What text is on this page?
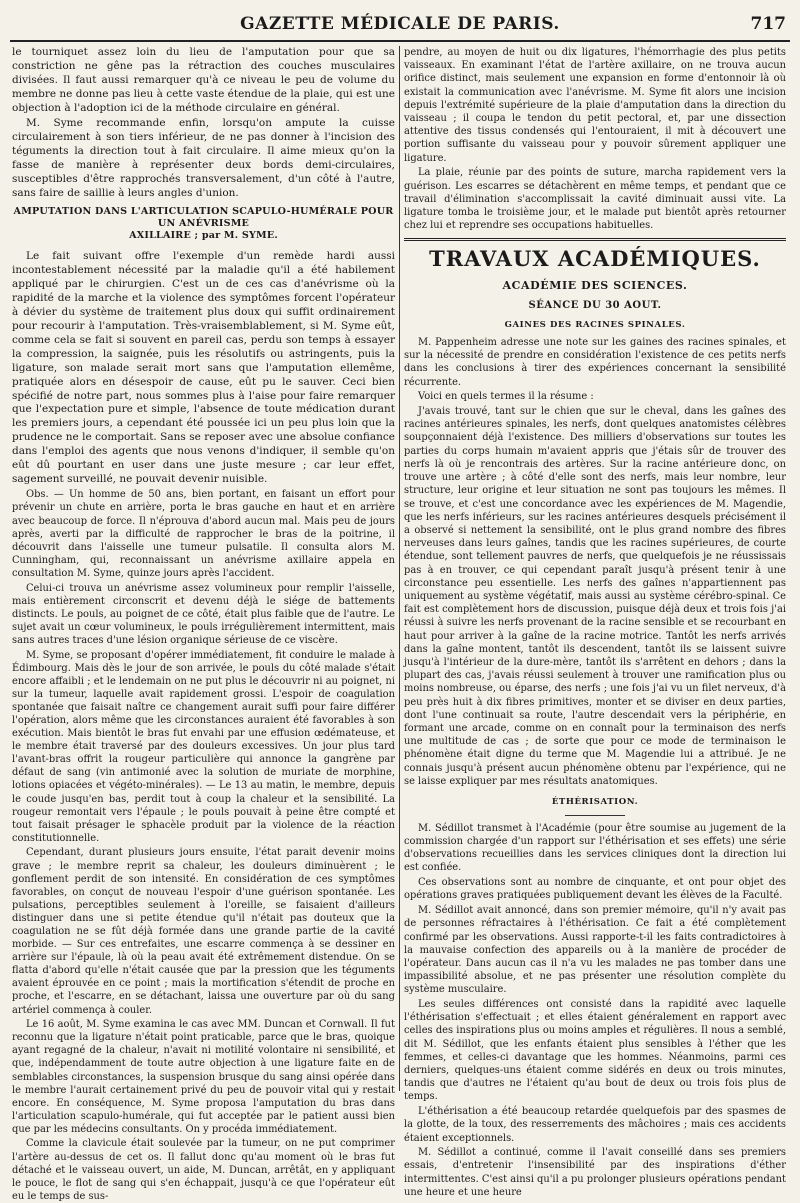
GAZETTE MÉDICALE DE PARIS.	717

le tourniquet assez loin du lieu de l'amputation pour que sa constriction ne gêne pas la rétraction des couches musculaires divisées. Il faut aussi remarquer qu'à ce niveau le peu de volume du membre ne donne pas lieu à cette vaste étendue de la plaie, qui est une objection à l'adoption ici de la méthode circulaire en général.

M. Syme recommande enfin, lorsqu'on ampute la cuisse circulairement à son tiers inférieur, de ne pas donner à l'incision des téguments la direction tout à fait circulaire. Il aime mieux qu'on la fasse de manière à représenter deux bords demi-circulaires, susceptibles d'être rapprochés transversalement, d'un côté à l'autre, sans faire de saillie à leurs angles d'union.

AMPUTATION DANS L'ARTICULATION SCAPULO-HUMÉRALE POUR UN ANÉVRISME
AXILLAIRE ; par M. SYME.

Le fait suivant offre l'exemple d'un remède hardi aussi incontestablement nécessité par la maladie qu'il a été habilement appliqué par le chirurgien. C'est un de ces cas d'anévrisme où la rapidité de la marche et la violence des symptômes forcent l'opérateur à dévier du système de traitement plus doux qui suffit ordinairement pour recourir à l'amputation. Très-vraisemblablement, si M. Syme eût, comme cela se fait si souvent en pareil cas, perdu son temps à essayer la compression, la saignée, puis les résolutifs ou astringents, puis la ligature, son malade serait mort sans que l'amputation ellemême, pratiquée alors en désespoir de cause, eût pu le sauver. Ceci bien spécifié de notre part, nous sommes plus à l'aise pour faire remarquer que l'expectation pure et simple, l'absence de toute médication durant les premiers jours, a cependant été poussée ici un peu plus loin que la prudence ne le comportait. Sans se reposer avec une absolue confiance dans l'emploi des agents que nous venons d'indiquer, il semble qu'on eût dû pourtant en user dans une juste mesure ; car leur effet, sagement surveillé, ne pouvait devenir nuisible.

Obs. — Un homme de 50 ans, bien portant, en faisant un effort pour prévenir un chute en arrière, porta le bras gauche en haut et en arrière avec beaucoup de force. Il n'éprouva d'abord aucun mal. Mais peu de jours après, averti par la difficulté de rapprocher le bras de la poitrine, il découvrit dans l'aisselle une tumeur pulsatile. Il consulta alors M. Cunningham, qui, reconnaissant un anévrisme axillaire appela en consultation M. Syme, quinze jours après l'accident.

Celui-ci trouva un anévrisme assez volumineux pour remplir l'aisselle, mais entièrement circonscrit et devenu déjà le siége de battements distincts. Le pouls, au poignet de ce côté, était plus faible que de l'autre. Le sujet avait un cœur volumineux, le pouls irrégulièrement intermittent, mais sans autres traces d'une lésion organique sérieuse de ce viscère.

M. Syme, se proposant d'opérer immédiatement, fit conduire le malade à Édimbourg. Mais dès le jour de son arrivée, le pouls du côté malade s'était encore affaibli ; et le lendemain on ne put plus le découvrir ni au poignet, ni sur la tumeur, laquelle avait rapidement grossi. L'espoir de coagulation spontanée que faisait naître ce changement aurait suffi pour faire différer l'opération, alors même que les circonstances auraient été favorables à son exécution. Mais bientôt le bras fut envahi par une effusion œdémateuse, et le membre était traversé par des douleurs excessives. Un jour plus tard l'avant-bras offrit la rougeur particulière qui annonce la gangrène par défaut de sang (vin antimonié avec la solution de muriate de morphine, lotions opiacées et végéto-minérales). — Le 13 au matin, le membre, depuis le coude jusqu'en bas, perdit tout à coup la chaleur et la sensibilité. La rougeur remontait vers l'épaule ; le pouls pouvait à peine être compté et tout faisait présager le sphacèle produit par la violence de la réaction constitutionnelle.

Cependant, durant plusieurs jours ensuite, l'état parait devenir moins grave ; le membre reprit sa chaleur, les douleurs diminuèrent ; le gonflement perdit de son intensité. En considération de ces symptômes favorables, on conçut de nouveau l'espoir d'une guérison spontanée. Les pulsations, perceptibles seulement à l'oreille, se faisaient d'ailleurs distinguer dans une si petite étendue qu'il n'était pas douteux que la coagulation ne se fût déjà formée dans une grande partie de la cavité morbide. — Sur ces entrefaites, une escarre commença à se dessiner en arrière sur l'épaule, là où la peau avait été extrêmement distendue. On se flatta d'abord qu'elle n'était causée que par la pression que les téguments avaient éprouvée en ce point ; mais la mortification s'étendit de proche en proche, et l'escarre, en se détachant, laissa une ouverture par où du sang artériel commença à couler.

Le 16 août, M. Syme examina le cas avec MM. Duncan et Cornwall. Il fut reconnu que la ligature n'était point praticable, parce que le bras, quoique ayant regagné de la chaleur, n'avait ni motilité volontaire ni sensibilité, et que, indépendamment de toute autre objection à une ligature faite en de semblables circonstances, la suspension brusque du sang ainsi opérée dans le membre l'aurait certainement privé du peu de pouvoir vital qui y restait encore. En conséquence, M. Syme proposa l'amputation du bras dans l'articulation scapulo-humérale, qui fut acceptée par le patient aussi bien que par les médecins consultants. On y procéda immédiatement.

Comme la clavicule était soulevée par la tumeur, on ne put comprimer l'artère au-dessus de cet os. Il fallut donc qu'au moment où le bras fut détaché et le vaisseau ouvert, un aide, M. Duncan, arrêtât, en y appliquant le pouce, le flot de sang qui s'en échappait, jusqu'à ce que l'opérateur eût eu le temps de sus-

pendre, au moyen de huit ou dix ligatures, l'hémorrhagie des plus petits vaisseaux. En examinant l'état de l'artère axillaire, on ne trouva aucun orifice distinct, mais seulement une expansion en forme d'entonnoir là où existait la communication avec l'anévrisme. M. Syme fit alors une incision depuis l'extrémité supérieure de la plaie d'amputation dans la direction du vaisseau ; il coupa le tendon du petit pectoral, et, par une dissection attentive des tissus condensés qui l'entouraient, il mit à découvert une portion suffisante du vaisseau pour y pouvoir sûrement appliquer une ligature.

La plaie, réunie par des points de suture, marcha rapidement vers la guérison. Les escarres se détachèrent en même temps, et pendant que ce travail d'élimination s'accomplissait la cavité diminuait aussi vite. La ligature tomba le troisième jour, et le malade put bientôt après retourner chez lui et reprendre ses occupations habituelles.

TRAVAUX ACADÉMIQUES.
ACADÉMIE DES SCIENCES.
SÉANCE DU 30 AOUT.
GAINES DES RACINES SPINALES.

M. Pappenheim adresse une note sur les gaines des racines spinales, et sur la nécessité de prendre en considération l'existence de ces petits nerfs dans les conclusions à tirer des expériences concernant la sensibilité récurrente.

Voici en quels termes il la résume :

J'avais trouvé, tant sur le chien que sur le cheval, dans les gaînes des racines antérieures spinales, les nerfs, dont quelques anatomistes célèbres soupçonnaient déjà l'existence. Des milliers d'observations sur toutes les parties du corps humain m'avaient appris que j'étais sûr de trouver des nerfs là où je rencontrais des artères. Sur la racine antérieure donc, on trouve une artère ; à côté d'elle sont des nerfs, mais leur nombre, leur structure, leur origine et leur situation ne sont pas toujours les mêmes. Il se trouve, et c'est une concordance avec les expériences de M. Magendie, que les nerfs inférieurs, sur les racines antérieures desquels précisément il a observé si nettement la sensibilité, ont le plus grand nombre des fibres nerveuses dans leurs gaînes, tandis que les racines supérieures, de courte étendue, sont tellement pauvres de nerfs, que quelquefois je ne réussissais pas à en trouver, ce qui cependant paraît jusqu'à présent tenir à une circonstance peu essentielle. Les nerfs des gaînes n'appartiennent pas uniquement au système végétatif, mais aussi au système cérébro-spinal. Ce fait est complètement hors de discussion, puisque déjà deux et trois fois j'ai réussi à suivre les nerfs provenant de la racine sensible et se recourbant en haut pour arriver à la gaîne de la racine motrice. Tantôt les nerfs arrivés dans la gaîne montent, tantôt ils descendent, tantôt ils se laissent suivre jusqu'à l'intérieur de la dure-mère, tantôt ils s'arrêtent en dehors ; dans la plupart des cas, j'avais réussi seulement à trouver une ramification plus ou moins nombreuse, ou éparse, des nerfs ; une fois j'ai vu un filet nerveux, d'à peu près huit à dix fibres primitives, monter et se diviser en deux parties, dont l'une continuait sa route, l'autre descendait vers la périphérie, en formant une arcade, comme on en connaît pour la terminaison des nerfs une multitude de cas ; de sorte que pour ce mode de terminaison le phénomène était digne du terme que M. Magendie lui a attribué. Je ne connais jusqu'à présent aucun phénomène obtenu par l'expérience, qui ne se laisse expliquer par mes résultats anatomiques.

ÉTHÉRISATION.

M. Sédillot transmet à l'Académie (pour être soumise au jugement de la commission chargée d'un rapport sur l'éthérisation et ses effets) une série d'observations recueillies dans les services cliniques dont la direction lui est confiée.

Ces observations sont au nombre de cinquante, et ont pour objet des opérations graves pratiquées publiquement devant les élèves de la Faculté.

M. Sédillot avait annoncé, dans son premier mémoire, qu'il n'y avait pas de personnes réfractaires à l'éthérisation. Ce fait a été complètement confirmé par les observations. Aussi rapporte-t-il les faits contradictoires à la mauvaise confection des appareils ou à la manière de procéder de l'opérateur. Dans aucun cas il n'a vu les malades ne pas tomber dans une impassibilité absolue, et ne pas présenter une résolution complète du système musculaire.

Les seules différences ont consisté dans la rapidité avec laquelle l'éthérisation s'effectuait ; et elles étaient généralement en rapport avec celles des inspirations plus ou moins amples et régulières. Il nous a semblé, dit M. Sédillot, que les enfants étaient plus sensibles à l'éther que les femmes, et celles-ci davantage que les hommes. Néanmoins, parmi ces derniers, quelques-uns étaient comme sidérés en deux ou trois minutes, tandis que d'autres ne l'étaient qu'au bout de deux ou trois fois plus de temps.

L'éthérisation a été beaucoup retardée quelquefois par des spasmes de la glotte, de la toux, des resserrements des mâchoires ; mais ces accidents étaient exceptionnels.

M. Sédillot a continué, comme il l'avait conseillé dans ses premiers essais, d'entretenir l'insensibilité par des inspirations d'éther intermittentes. C'est ainsi qu'il a pu prolonger plusieurs opérations pendant une heure et une heure
